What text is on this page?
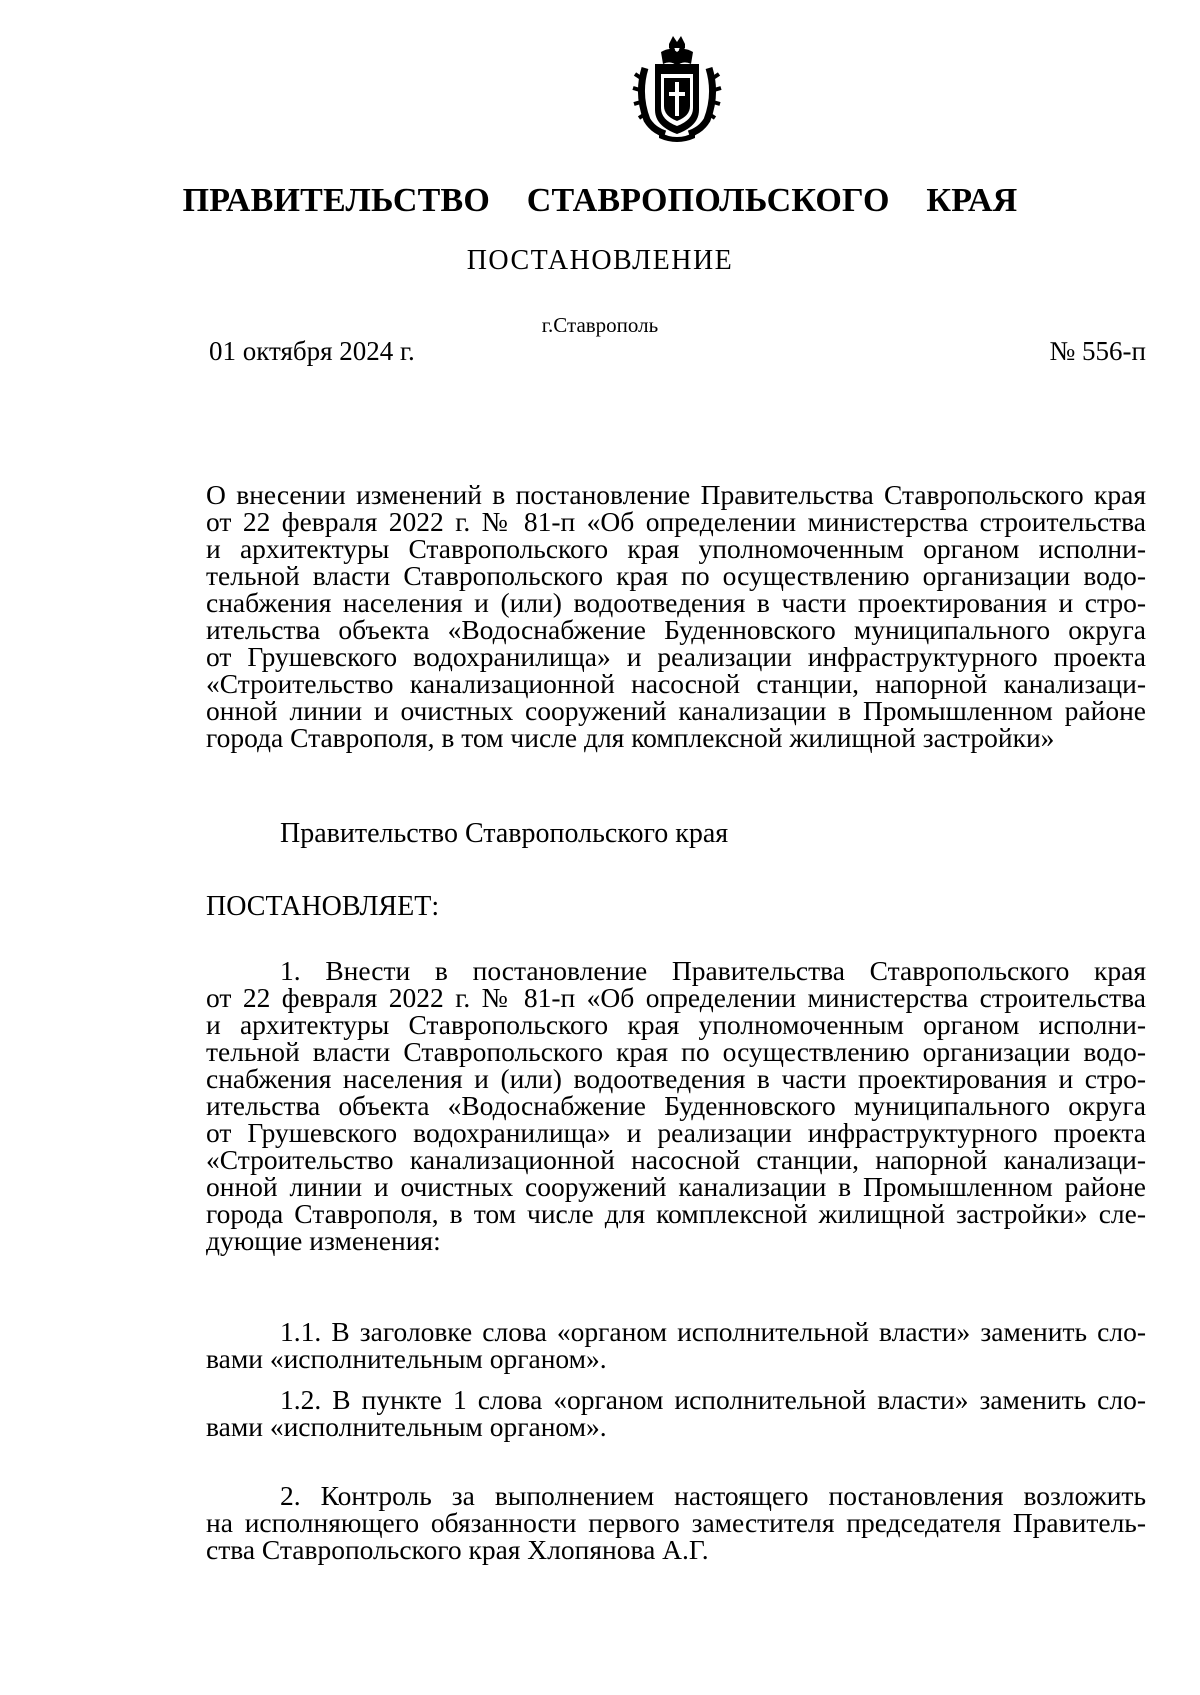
ПРАВИТЕЛЬСТВО СТАВРОПОЛЬСКОГО КРАЯ
ПОСТАНОВЛЕНИЕ
г.Ставрополь
01 октября 2024 г.	№ 556-п
О внесении изменений в постановление Правительства Ставропольского края
от 22 февраля 2022 г. № 81-п «Об определении министерства строительства
и архитектуры Ставропольского края уполномоченным органом исполни-
тельной власти Ставропольского края по осуществлению организации водо-
снабжения населения и (или) водоотведения в части проектирования и стро-
ительства объекта «Водоснабжение Буденновского муниципального округа
от Грушевского водохранилища» и реализации инфраструктурного проекта
«Строительство канализационной насосной станции, напорной канализаци-
онной линии и очистных сооружений канализации в Промышленном районе
города Ставрополя, в том числе для комплексной жилищной застройки»
Правительство Ставропольского края
ПОСТАНОВЛЯЕТ:
1. Внести в постановление Правительства Ставропольского края
от 22 февраля 2022 г. № 81-п «Об определении министерства строительства
и архитектуры Ставропольского края уполномоченным органом исполни-
тельной власти Ставропольского края по осуществлению организации водо-
снабжения населения и (или) водоотведения в части проектирования и стро-
ительства объекта «Водоснабжение Буденновского муниципального округа
от Грушевского водохранилища» и реализации инфраструктурного проекта
«Строительство канализационной насосной станции, напорной канализаци-
онной линии и очистных сооружений канализации в Промышленном районе
города Ставрополя, в том числе для комплексной жилищной застройки» сле-
дующие изменения:
1.1. В заголовке слова «органом исполнительной власти» заменить сло-
вами «исполнительным органом».
1.2. В пункте 1 слова «органом исполнительной власти» заменить сло-
вами «исполнительным органом».
2. Контроль за выполнением настоящего постановления возложить
на исполняющего обязанности первого заместителя председателя Правитель-
ства Ставропольского края Хлопянова А.Г.
